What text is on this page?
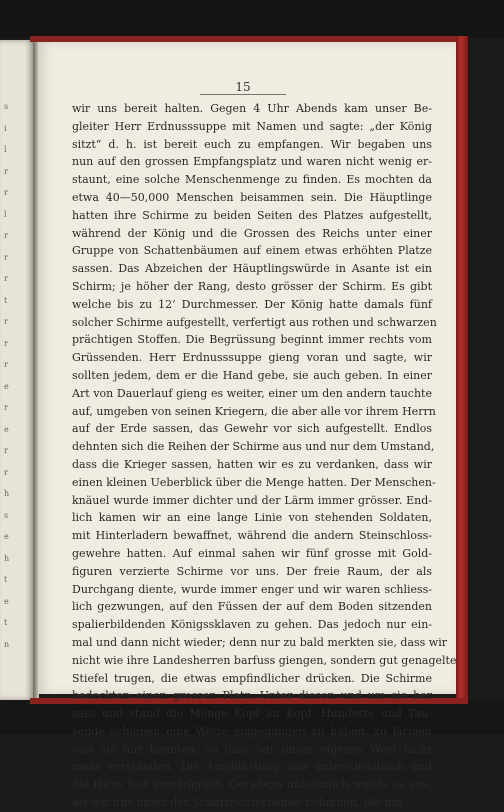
s
i
l
r
r
l
r
r
r
t
r
r
r
e
r
e
r
r
h
s
e
h
t
e
t
n
15
wir uns bereit halten. Gegen 4 Uhr Abends kam unser Be-
gleiter Herr Erdnusssuppe mit Namen und sagte: „der König
sitzt“ d. h. ist bereit euch zu empfangen. Wir begaben uns
nun auf den grossen Empfangsplatz und waren nicht wenig er-
staunt, eine solche Menschenmenge zu finden. Es mochten da
etwa 40—50,000 Menschen beisammen sein. Die Häuptlinge
hatten ihre Schirme zu beiden Seiten des Platzes aufgestellt,
während der König und die Grossen des Reichs unter einer
Gruppe von Schattenbäumen auf einem etwas erhöhten Platze
sassen. Das Abzeichen der Häuptlingswürde in Asante ist ein
Schirm; je höher der Rang, desto grösser der Schirm. Es gibt
welche bis zu 12‘ Durchmesser. Der König hatte damals fünf
solcher Schirme aufgestellt, verfertigt aus rothen und schwarzen
prächtigen Stoffen. Die Begrüssung beginnt immer rechts vom
Grüssenden. Herr Erdnusssuppe gieng voran und sagte, wir
sollten jedem, dem er die Hand gebe, sie auch geben. In einer
Art von Dauerlauf gieng es weiter, einer um den andern tauchte
auf, umgeben von seinen Kriegern, die aber alle vor ihrem Herrn
auf der Erde sassen, das Gewehr vor sich aufgestellt. Endlos
dehnten sich die Reihen der Schirme aus und nur dem Umstand,
dass die Krieger sassen, hatten wir es zu verdanken, dass wir
einen kleinen Ueberblick über die Menge hatten. Der Menschen-
knäuel wurde immer dichter und der Lärm immer grösser. End-
lich kamen wir an eine lange Linie von stehenden Soldaten,
mit Hinterladern bewaffnet, während die andern Steinschloss-
gewehre hatten. Auf einmal sahen wir fünf grosse mit Gold-
figuren verzierte Schirme vor uns. Der freie Raum, der als
Durchgang diente, wurde immer enger und wir waren schliess-
lich gezwungen, auf den Füssen der auf dem Boden sitzenden
spalierbildenden Königssklaven zu gehen. Das jedoch nur ein-
mal und dann nicht wieder; denn nur zu bald merkten sie, dass wir
nicht wie ihre Landesherren barfuss giengen, sondern gut genagelte
Stiefel trugen, die etwas empfindlicher drücken. Die Schirme
bedeckten einen grossen Platz. Unter diesen und um sie her
sass und stand die Menge Kopf an Kopf. Hunderte und Tau-
sende schienen eine Wette eingegangen zu haben, zu lärmen
was sie nur konnten, so dass wir unser eigenes Wort nicht
mehr verstanden. Die Ausdünstung war unbeschreiblich und
die Hitze fast unerträglich. Geradezu unheimlich wurde es uns,
als wir uns unter der Scharfrichterbande befanden, die mit
